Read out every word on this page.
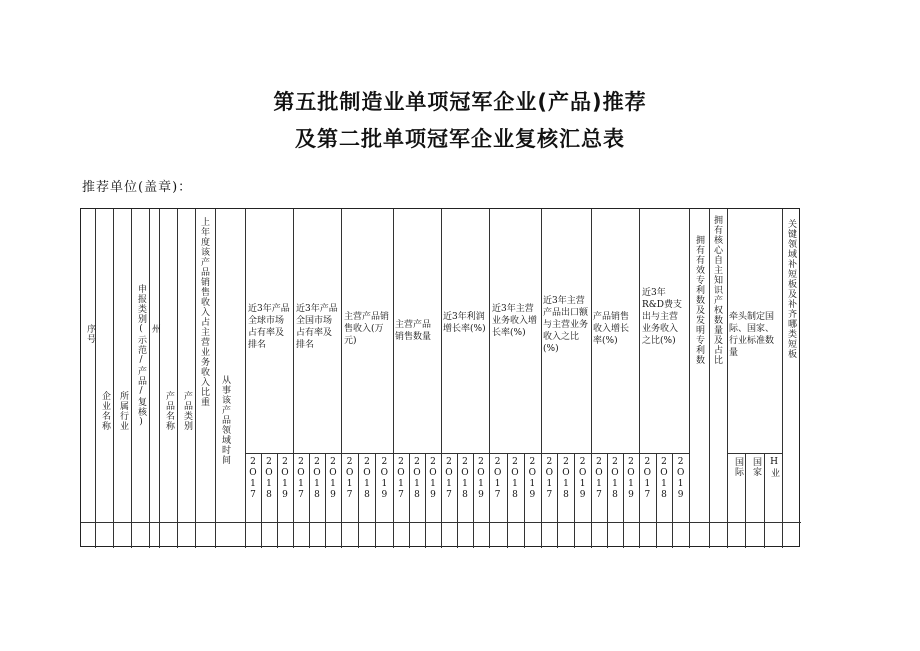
第五批制造业单项冠军企业(产品)推荐
及第二批单项冠军企业复核汇总表
推荐单位(盖章)：
序号
企业名称 所属行业 申报类别(示范/产品/复核) 州
产品名称 产品类别
上年度该产品销售收入占主营业务收入比重
从事该产品领域时间
近3年产品全球市场占有率及排名
近3年产品全国市场占有率及排名
主营产品销售收入(万元)
主营产品销售数量
近3年利润增长率(%)
近3年主营业务收入增长率(%)
近3年主营产品出口额与主营业务收入之比(%)
产品销售收入增长率(%)
近3年R&D费支出与主营业务收入之比(%)	拥有有效专利数及发明专利数 拥有核心自主知识产权数量及占比 牵头制定国际、国家、行业标准数量
国际 国家 H业
关键领域补短板及补齐哪类短板
2
O
1
7
2
O
1
8
2
O
1
9
2
O
1
7
2
O
1
8
2
O
1
9
2
O
1
7
2
O
1
8
2
O
1
9
2
O
1
7
2
O
1
8
2
O
1
9
2
O
1
7
2
O
1
8
2
O
1
9
2
O
1
7
2
O
1
8
2
O
1
9
2
O
1
7
2
O
1
8
2
O
1
9
2
O
1
7
2
O
1
8
2
O
1
9
2
O
1
7
2
O
1
8
2
O
1
9
